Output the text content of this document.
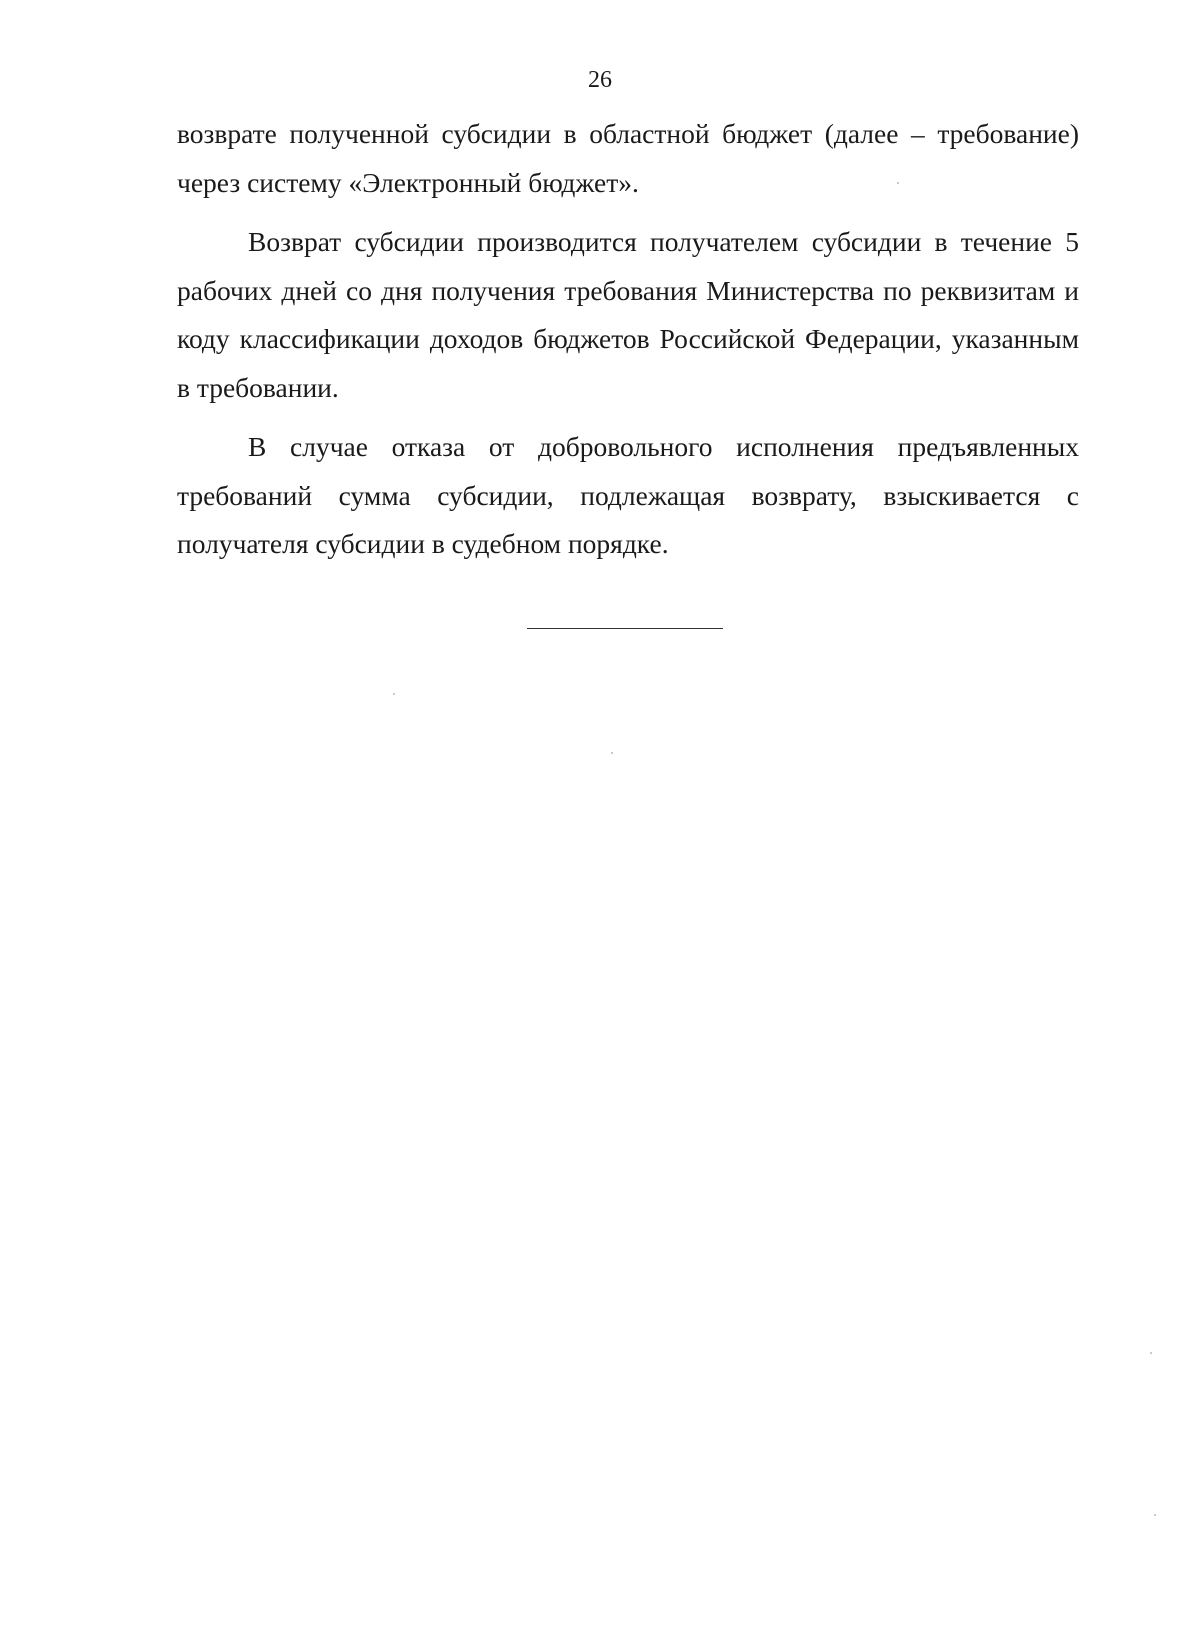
26

возврате полученной субсидии в областной бюджет (далее – требование) через систему «Электронный бюджет».

Возврат субсидии производится получателем субсидии в течение 5 рабочих дней со дня получения требования Министерства по реквизитам и коду классификации доходов бюджетов Российской Федерации, указанным в требовании.

В случае отказа от добровольного исполнения предъявленных требований сумма субсидии, подлежащая возврату, взыскивается с получателя субсидии в судебном порядке.
